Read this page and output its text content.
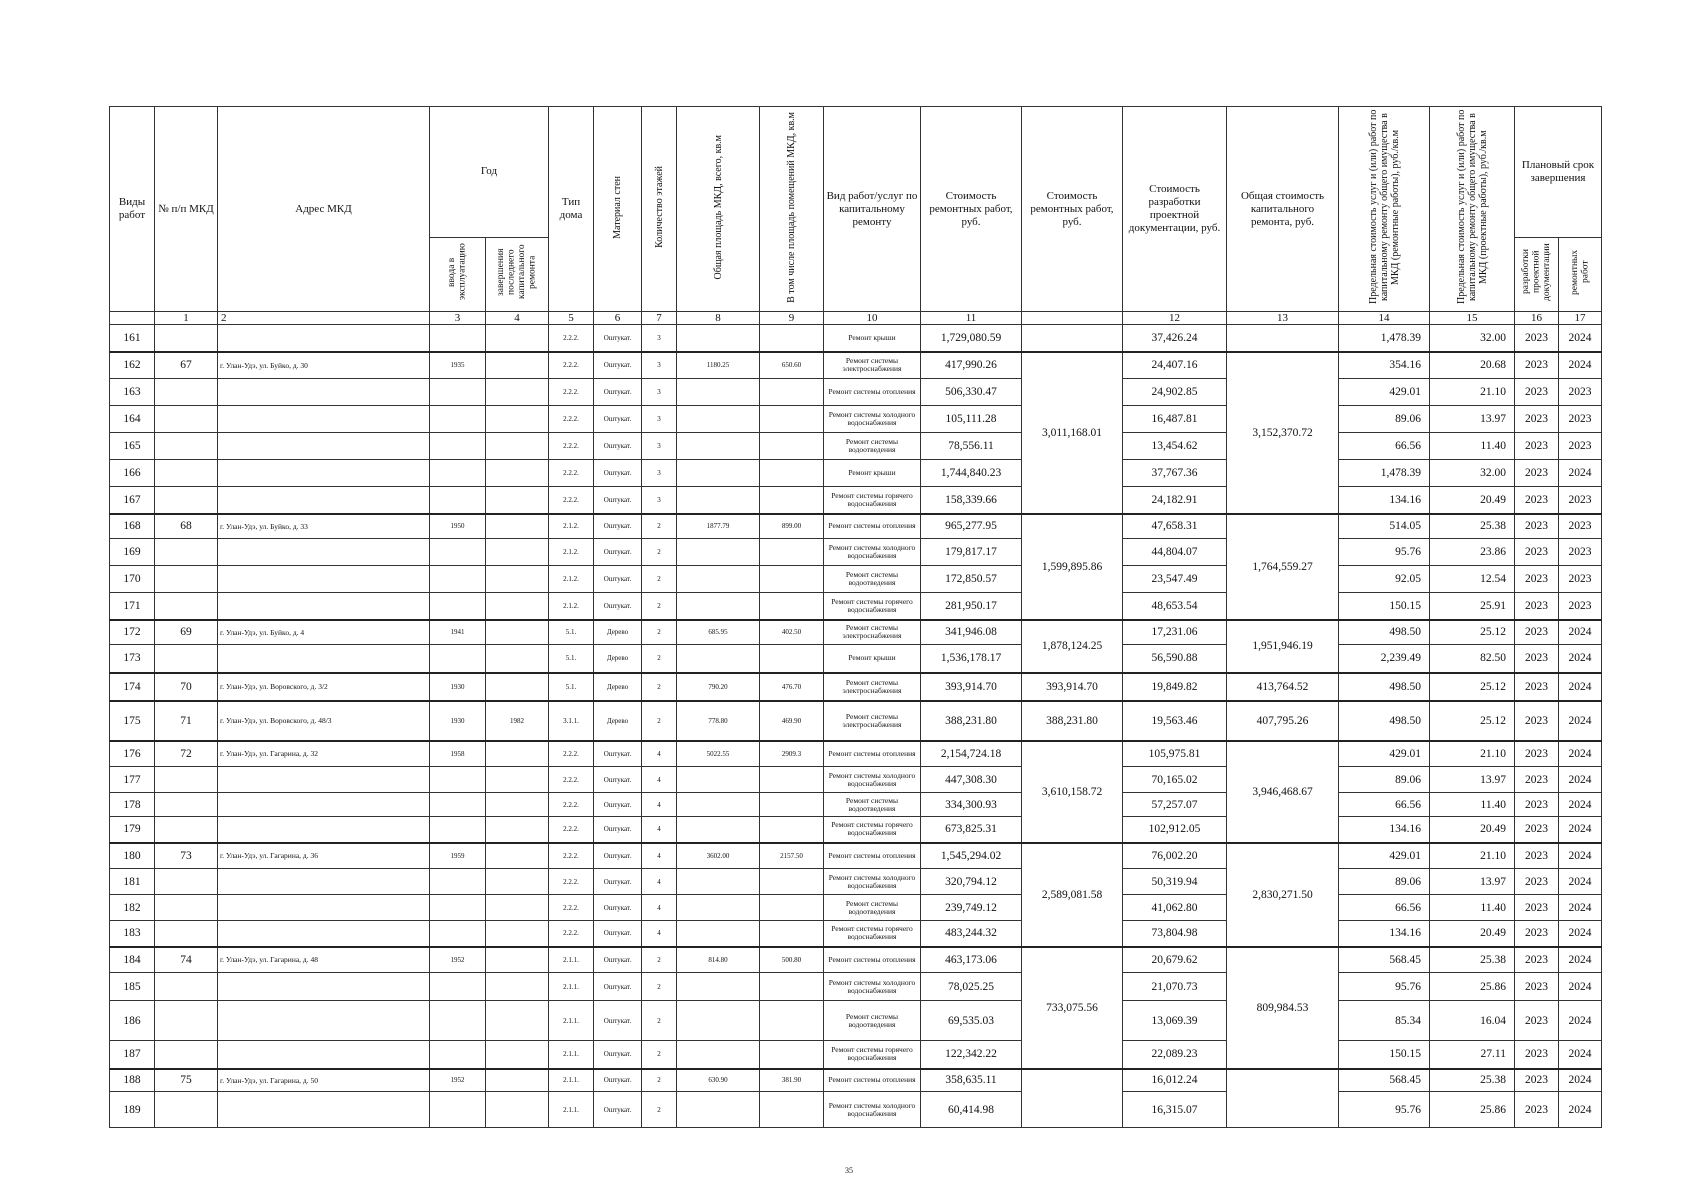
Виды работ	№ п/п МКД	Адрес МКД	Год		Тип дома	Материал стен	Количество этажей	Общая площадь МКД, всего, кв.м	В том числе площадь помещений МКД, кв.м	Вид работ/услуг по капитальному ремонту	Стоимость ремонтных работ, руб.	Стоимость ремонтных работ, руб.	Стоимость разработки проектной документации, руб.	Общая стоимость капитального ремонта, руб.	Предельная стоимость услуг и (или) работ по капитальному ремонту общего имущества в МКД (ремонтные работы), руб./кв.м	Предельная стоимость услуг и (или) работ по капитальному ремонту общего имущества в МКД (проектные работы), руб./кв.м	Плановый срок завершения	
			ввода в эксплуатацию	завершения последнего капитального ремонта													разработки проектной документации	ремонтных работ
	1	2	3	4	5	6	7	8	9	10	11		12	13	14	15	16	17
161					2.2.2.	Оштукат.	3			Ремонт крыши	1,729,080.59		37,426.24		1,478.39	32.00	2023	2024
162	67	г. Улан-Удэ, ул. Буйко, д. 30	1935		2.2.2.	Оштукат.	3	1180.25	650.60	Ремонт системы электроснабжения	417,990.26	3,011,168.01	24,407.16	3,152,370.72	354.16	20.68	2023	2024
163					2.2.2.	Оштукат.	3			Ремонт системы отопления	506,330.47		24,902.85		429.01	21.10	2023	2023
164					2.2.2.	Оштукат.	3			Ремонт системы холодного водоснабжения	105,111.28		16,487.81		89.06	13.97	2023	2023
165					2.2.2.	Оштукат.	3			Ремонт системы водоотведения	78,556.11		13,454.62		66.56	11.40	2023	2023
166					2.2.2.	Оштукат.	3			Ремонт крыши	1,744,840.23		37,767.36		1,478.39	32.00	2023	2024
167					2.2.2.	Оштукат.	3			Ремонт системы горячего водоснабжения	158,339.66		24,182.91		134.16	20.49	2023	2023
168	68	г. Улан-Удэ, ул. Буйко, д. 33	1950		2.1.2.	Оштукат.	2	1877.79	899.00	Ремонт системы отопления	965,277.95	1,599,895.86	47,658.31	1,764,559.27	514.05	25.38	2023	2023
169					2.1.2.	Оштукат.	2			Ремонт системы холодного водоснабжения	179,817.17		44,804.07		95.76	23.86	2023	2023
170					2.1.2.	Оштукат.	2			Ремонт системы водоотведения	172,850.57		23,547.49		92.05	12.54	2023	2023
171					2.1.2.	Оштукат.	2			Ремонт системы горячего водоснабжения	281,950.17		48,653.54		150.15	25.91	2023	2023
172	69	г. Улан-Удэ, ул. Буйко, д. 4	1941		5.1.	Дерево	2	685.95	402.50	Ремонт системы электроснабжения	341,946.08	1,878,124.25	17,231.06	1,951,946.19	498.50	25.12	2023	2024
173					5.1.	Дерево	2			Ремонт крыши	1,536,178.17		56,590.88		2,239.49	82.50	2023	2024
174	70	г. Улан-Удэ, ул. Воровского, д. 3/2	1930		5.1.	Дерево	2	790.20	476.70	Ремонт системы электроснабжения	393,914.70	393,914.70	19,849.82	413,764.52	498.50	25.12	2023	2024
175	71	г. Улан-Удэ, ул. Воровского, д. 48/3	1930	1982	3.1.1.	Дерево	2	778.80	469.90	Ремонт системы электроснабжения	388,231.80	388,231.80	19,563.46	407,795.26	498.50	25.12	2023	2024
176	72	г. Улан-Удэ, ул. Гагарина, д. 32	1958		2.2.2.	Оштукат.	4	5022.55	2909.3	Ремонт системы отопления	2,154,724.18	3,610,158.72	105,975.81	3,946,468.67	429.01	21.10	2023	2024
177					2.2.2.	Оштукат.	4			Ремонт системы холодного водоснабжения	447,308.30		70,165.02		89.06	13.97	2023	2024
178					2.2.2.	Оштукат.	4			Ремонт системы водоотведения	334,300.93		57,257.07		66.56	11.40	2023	2024
179					2.2.2.	Оштукат.	4			Ремонт системы горячего водоснабжения	673,825.31		102,912.05		134.16	20.49	2023	2024
180	73	г. Улан-Удэ, ул. Гагарина, д. 36	1959		2.2.2.	Оштукат.	4	3602.00	2157.50	Ремонт системы отопления	1,545,294.02	2,589,081.58	76,002.20	2,830,271.50	429.01	21.10	2023	2024
181					2.2.2.	Оштукат.	4			Ремонт системы холодного водоснабжения	320,794.12		50,319.94		89.06	13.97	2023	2024
182					2.2.2.	Оштукат.	4			Ремонт системы водоотведения	239,749.12		41,062.80		66.56	11.40	2023	2024
183					2.2.2.	Оштукат.	4			Ремонт системы горячего водоснабжения	483,244.32		73,804.98		134.16	20.49	2023	2024
184	74	г. Улан-Удэ, ул. Гагарина, д. 48	1952		2.1.1.	Оштукат.	2	814.80	500.80	Ремонт системы отопления	463,173.06	733,075.56	20,679.62	809,984.53	568.45	25.38	2023	2024
185					2.1.1.	Оштукат.	2			Ремонт системы холодного водоснабжения	78,025.25		21,070.73		95.76	25.86	2023	2024
186					2.1.1.	Оштукат.	2			Ремонт системы водоотведения	69,535.03		13,069.39		85.34	16.04	2023	2024
187					2.1.1.	Оштукат.	2			Ремонт системы горячего водоснабжения	122,342.22		22,089.23		150.15	27.11	2023	2024
188	75	г. Улан-Удэ, ул. Гагарина, д. 50	1952		2.1.1.	Оштукат.	2	630.90	381.90	Ремонт системы отопления	358,635.11		16,012.24		568.45	25.38	2023	2024
189					2.1.1.	Оштукат.	2			Ремонт системы холодного водоснабжения	60,414.98		16,315.07		95.76	25.86	2023	2024
35
